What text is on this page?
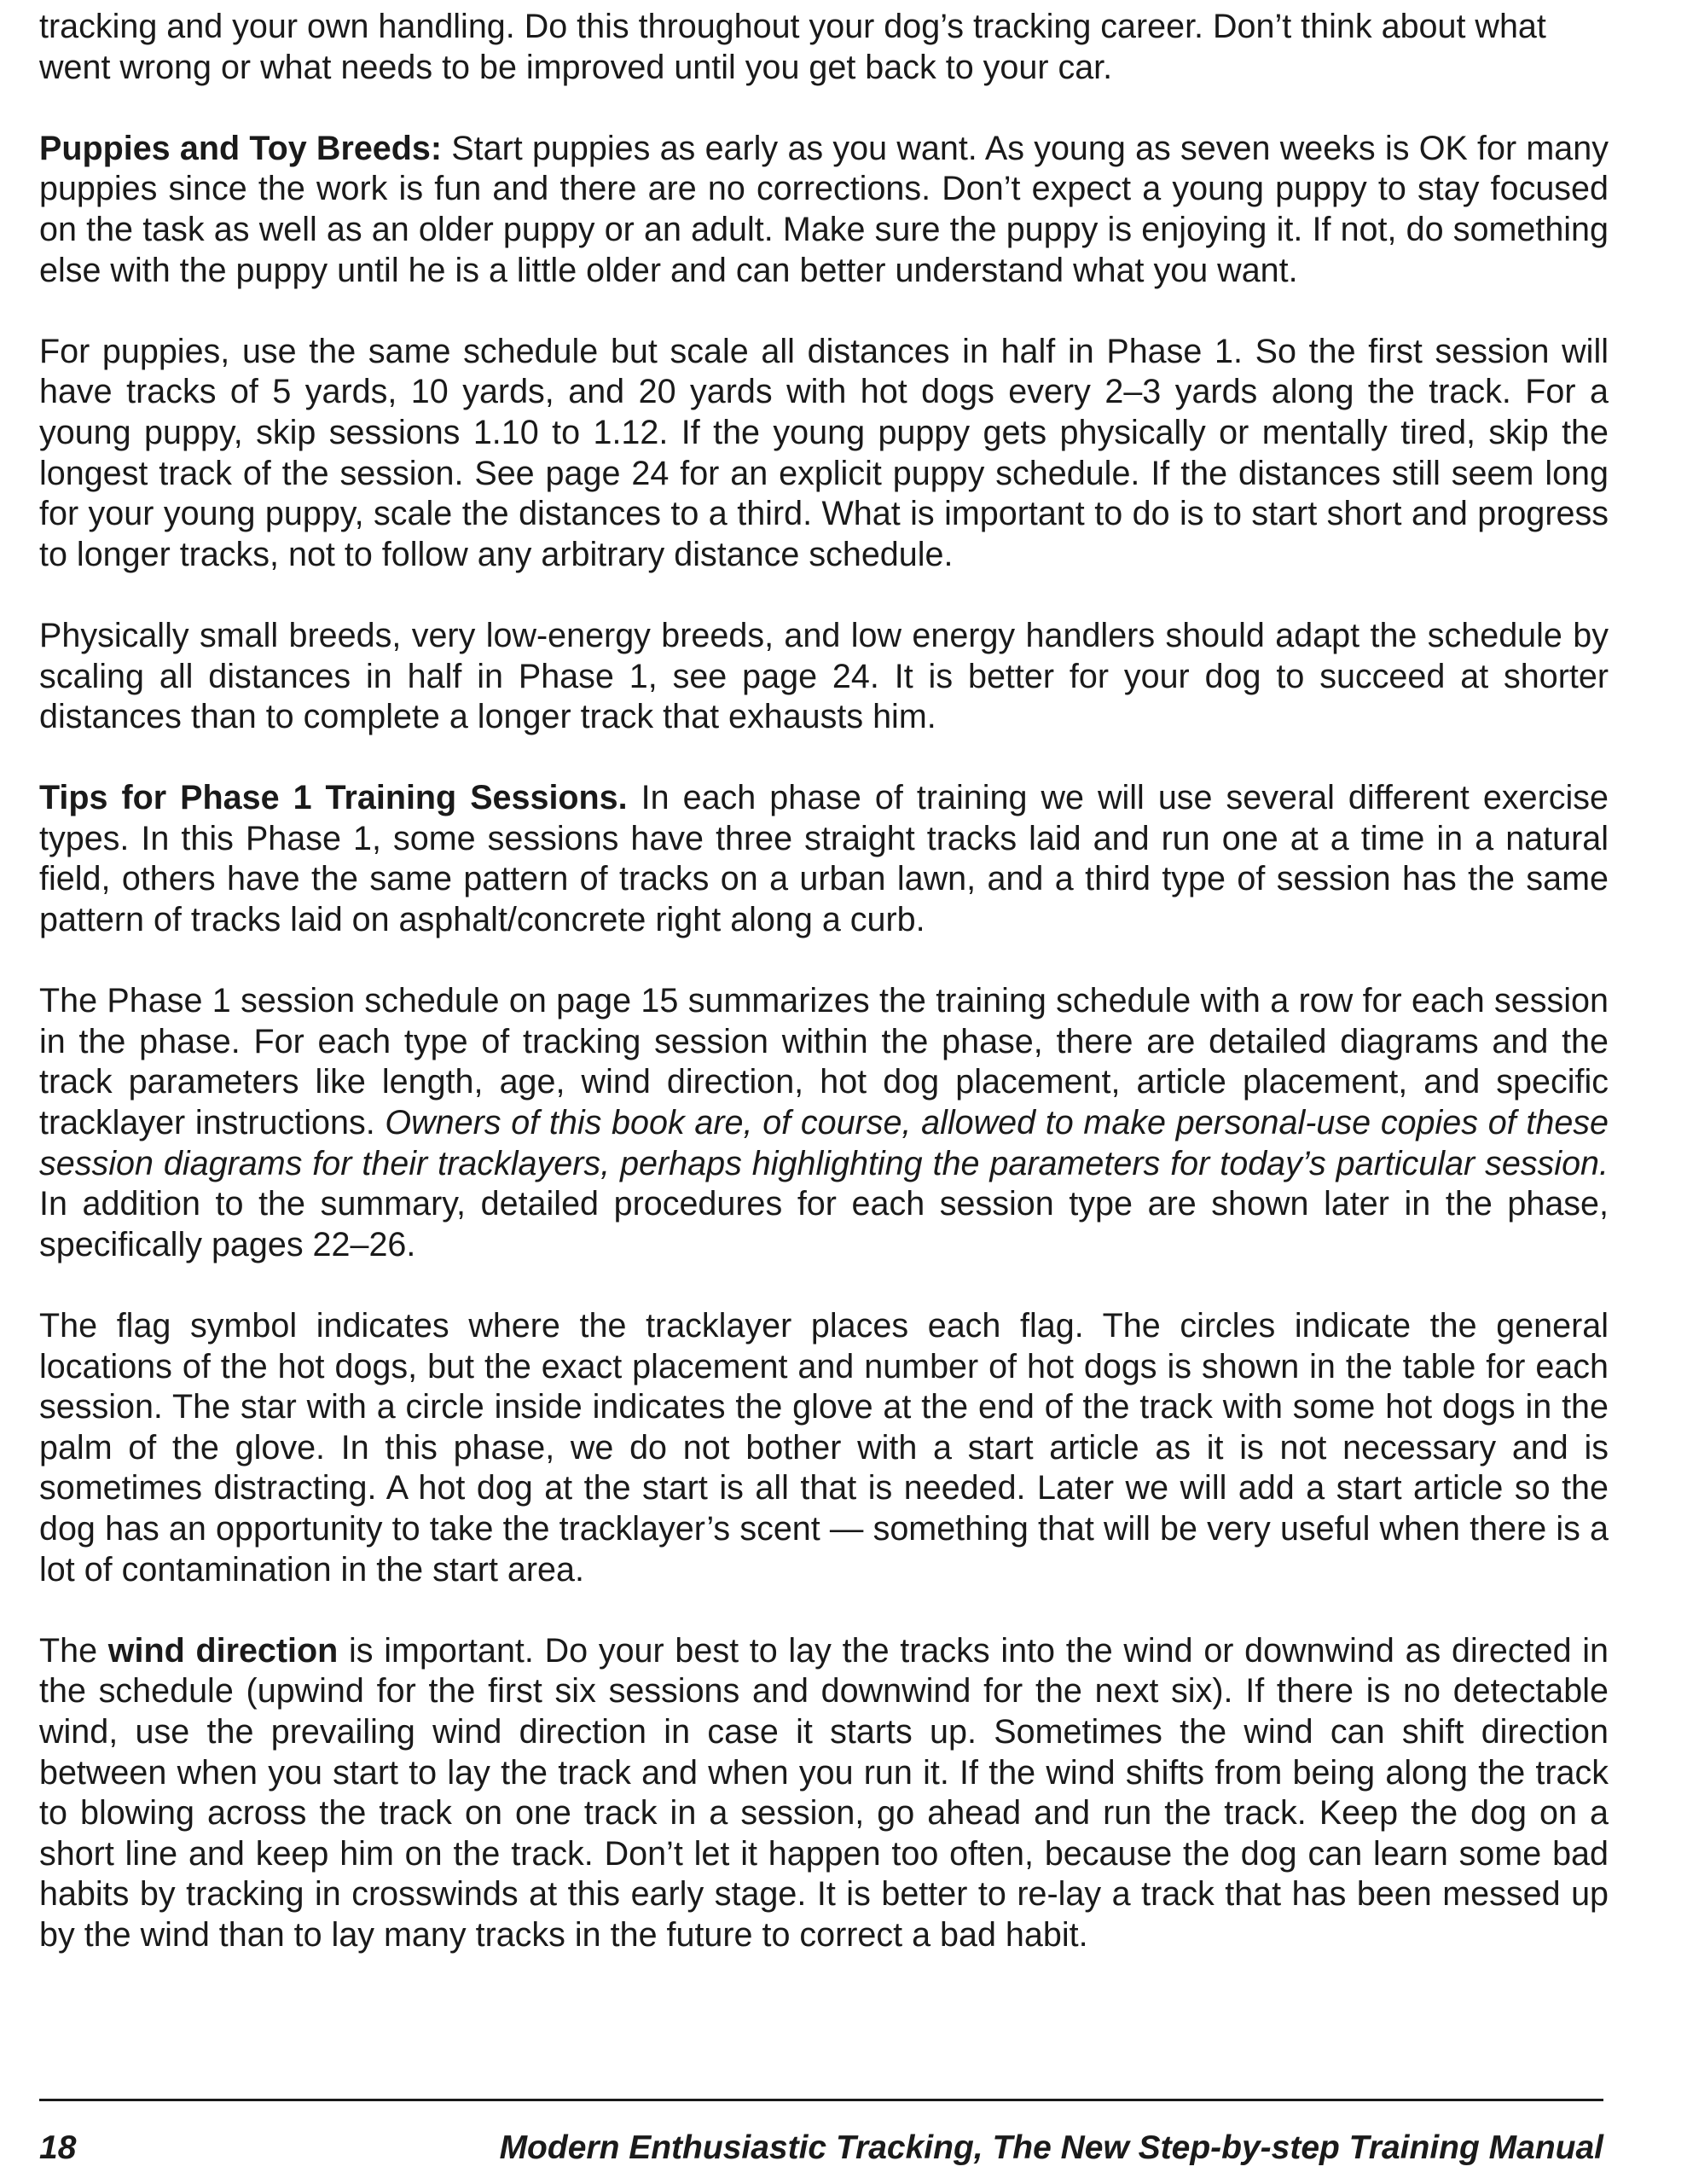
tracking and your own handling. Do this throughout your dog’s tracking career. Don’t think about what went wrong or what needs to be improved until you get back to your car.

Puppies and Toy Breeds: Start puppies as early as you want. As young as seven weeks is OK for many puppies since the work is fun and there are no corrections. Don’t expect a young puppy to stay focused on the task as well as an older puppy or an adult. Make sure the puppy is enjoying it. If not, do something else with the puppy until he is a little older and can better understand what you want.

For puppies, use the same schedule but scale all distances in half in Phase 1. So the first session will have tracks of 5 yards, 10 yards, and 20 yards with hot dogs every 2–3 yards along the track. For a young puppy, skip sessions 1.10 to 1.12. If the young puppy gets physically or mentally tired, skip the longest track of the session. See page 24 for an explicit puppy schedule. If the distances still seem long for your young puppy, scale the distances to a third. What is important to do is to start short and progress to longer tracks, not to follow any arbitrary distance schedule.

Physically small breeds, very low-energy breeds, and low energy handlers should adapt the schedule by scaling all distances in half in Phase 1, see page 24. It is better for your dog to succeed at shorter distances than to complete a longer track that exhausts him.

Tips for Phase 1 Training Sessions. In each phase of training we will use several different exercise types. In this Phase 1, some sessions have three straight tracks laid and run one at a time in a natural field, others have the same pattern of tracks on a urban lawn, and a third type of session has the same pattern of tracks laid on asphalt/concrete right along a curb.

The Phase 1 session schedule on page 15 summarizes the training schedule with a row for each session in the phase. For each type of tracking session within the phase, there are detailed diagrams and the track parameters like length, age, wind direction, hot dog placement, article placement, and specific tracklayer instructions. Owners of this book are, of course, allowed to make personal-use copies of these session diagrams for their tracklayers, perhaps highlighting the parameters for today’s particular session. In addition to the summary, detailed procedures for each session type are shown later in the phase, specifically pages 22–26.

The flag symbol indicates where the tracklayer places each flag. The circles indicate the general locations of the hot dogs, but the exact placement and number of hot dogs is shown in the table for each session. The star with a circle inside indicates the glove at the end of the track with some hot dogs in the palm of the glove. In this phase, we do not bother with a start article as it is not necessary and is sometimes distracting. A hot dog at the start is all that is needed. Later we will add a start article so the dog has an opportunity to take the tracklayer’s scent — something that will be very useful when there is a lot of contamination in the start area.

The wind direction is important. Do your best to lay the tracks into the wind or downwind as directed in the schedule (upwind for the first six sessions and downwind for the next six). If there is no detectable wind, use the prevailing wind direction in case it starts up. Sometimes the wind can shift direction between when you start to lay the track and when you run it. If the wind shifts from being along the track to blowing across the track on one track in a session, go ahead and run the track. Keep the dog on a short line and keep him on the track. Don’t let it happen too often, because the dog can learn some bad habits by tracking in crosswinds at this early stage. It is better to re-lay a track that has been messed up by the wind than to lay many tracks in the future to correct a bad habit.

18	Modern Enthusiastic Tracking, The New Step-by-step Training Manual
